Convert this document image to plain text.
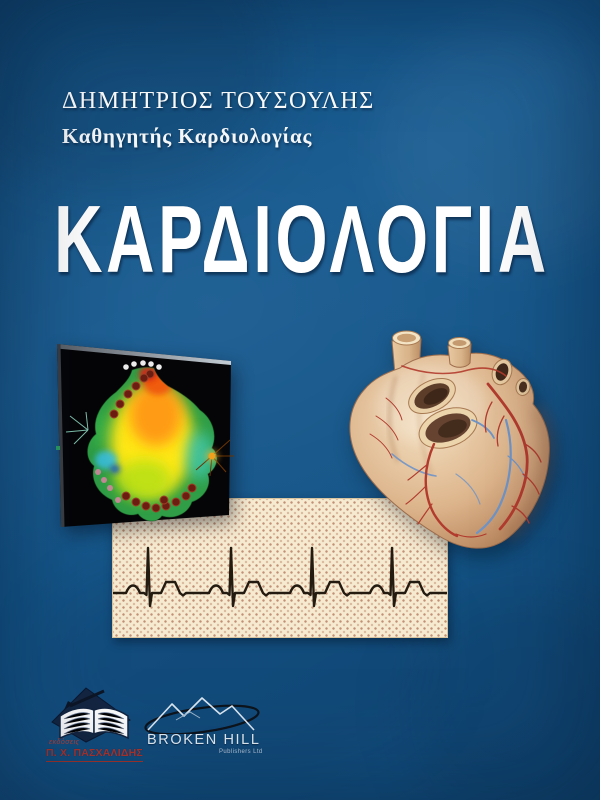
ΔΗΜΗΤΡΙΟΣ ΤΟΥΣΟΥΛΗΣ
Καθηγητής Καρδιολογίας
ΚΑΡΔΙΟΛΟΓΙΑ
εκδόσεις
Π. Χ. ΠΑΣΧΑΛΙΔΗΣ
BROKEN HILL
Publishers Ltd
